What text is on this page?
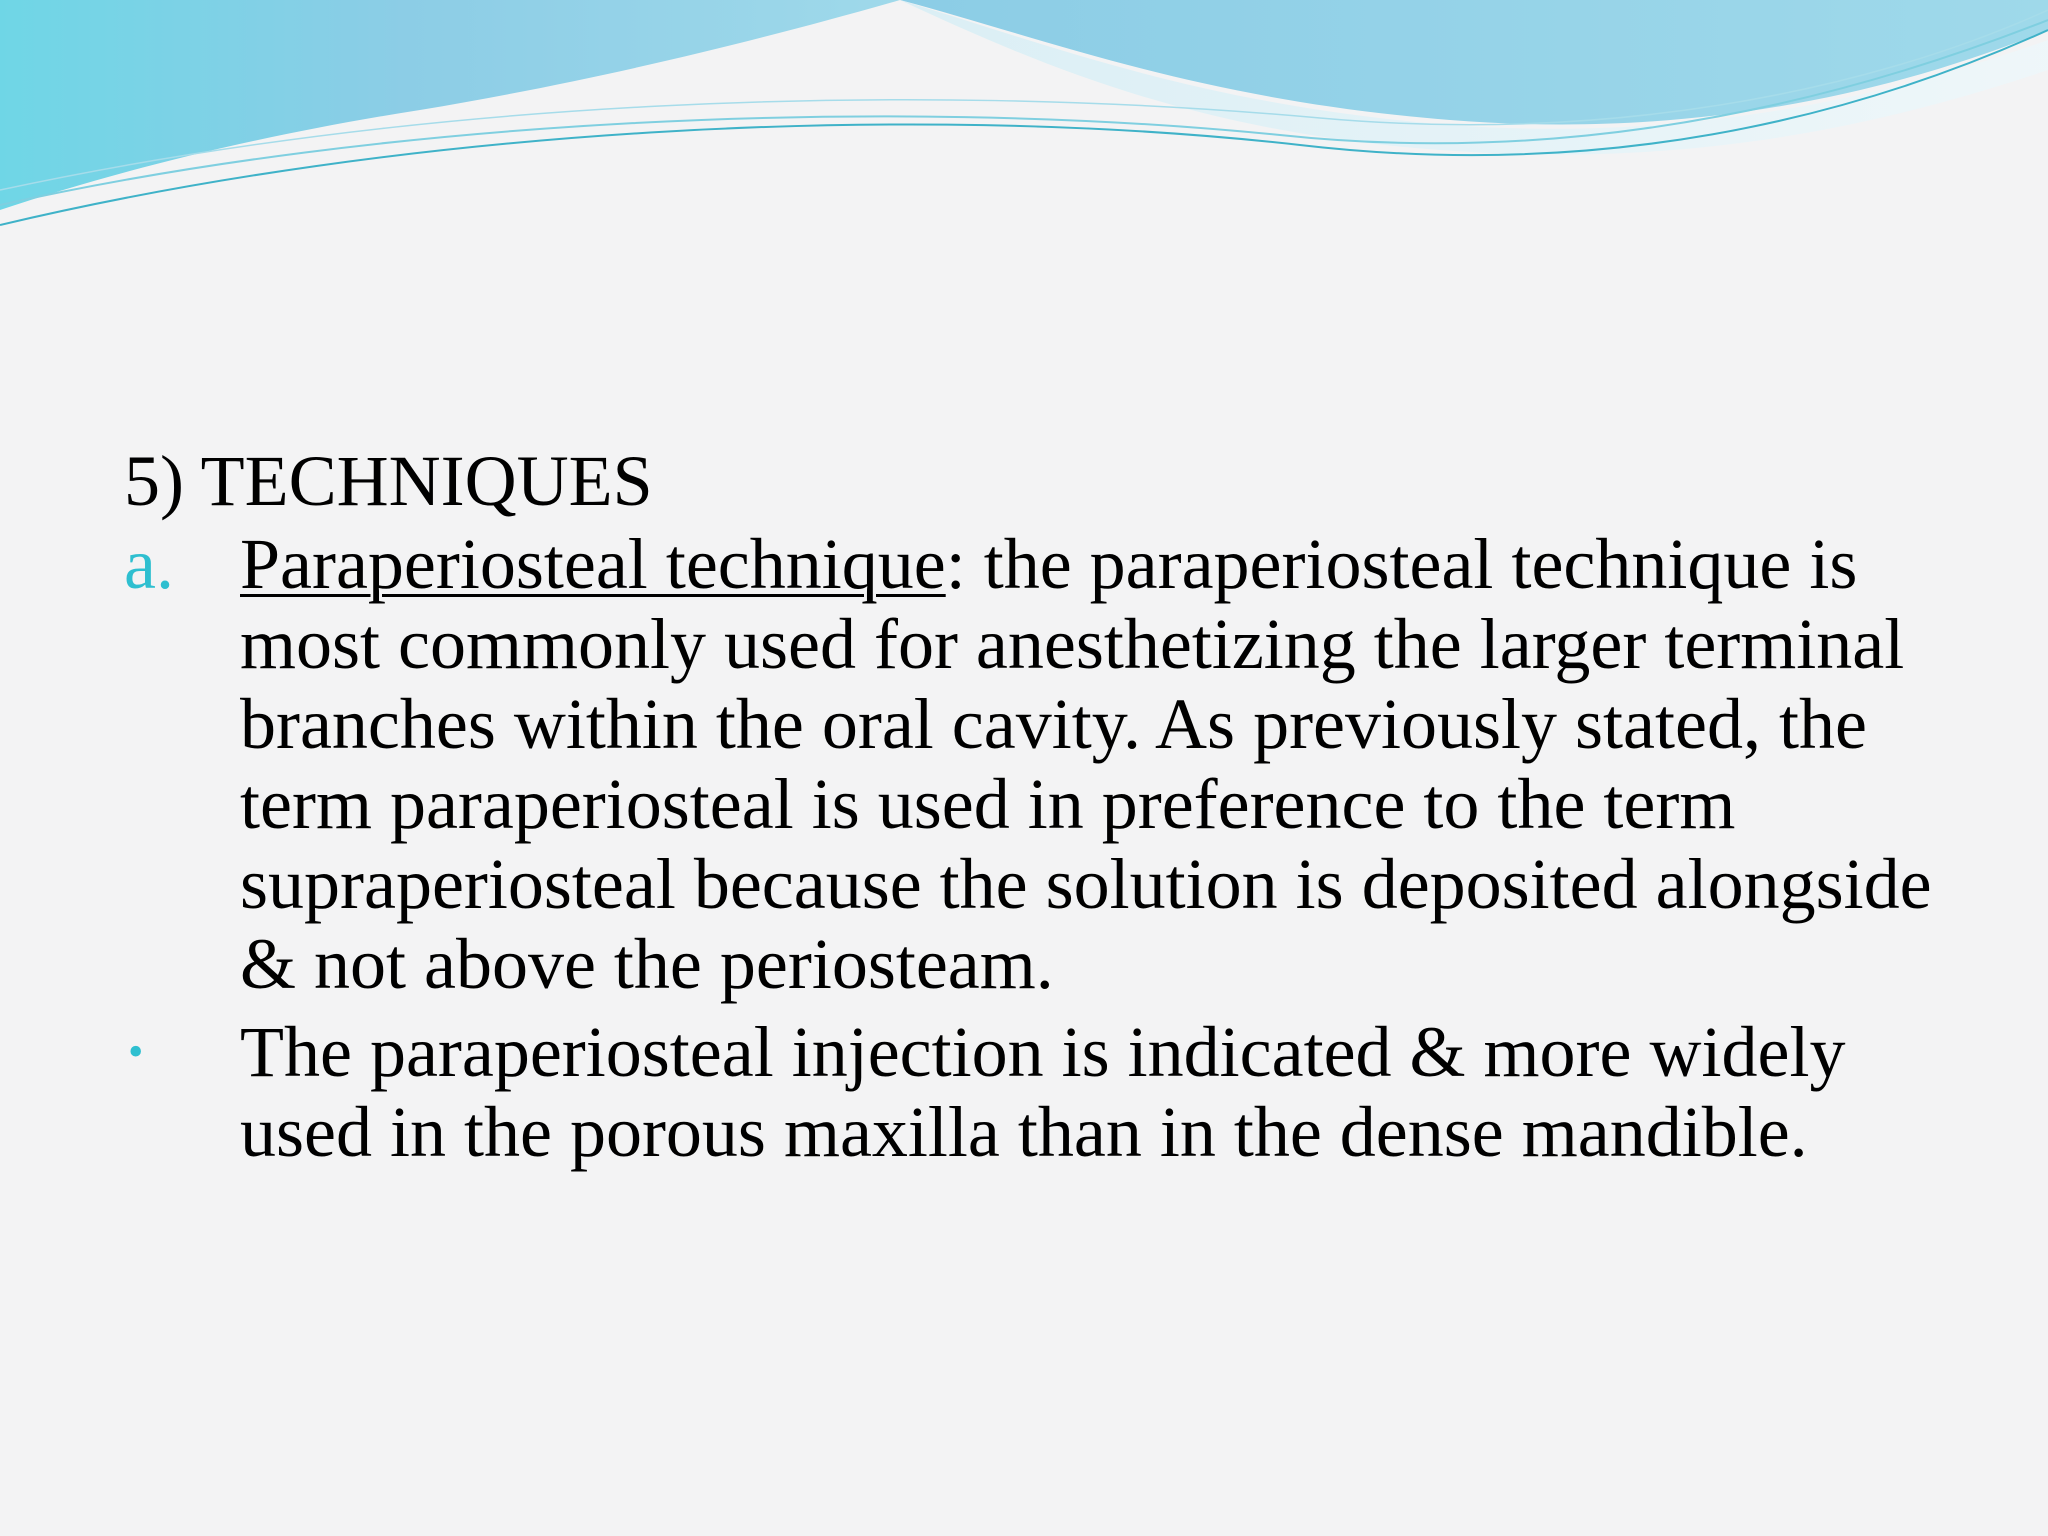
5) TECHNIQUES
a. Paraperiosteal technique: the paraperiosteal technique is most commonly used for anesthetizing the larger terminal branches within the oral cavity. As previously stated, the term paraperiosteal is used in preference to the term supraperiosteal because the solution is deposited alongside & not above the periosteam.
•	The paraperiosteal injection is indicated & more widely used in the porous maxilla than in the dense mandible.
